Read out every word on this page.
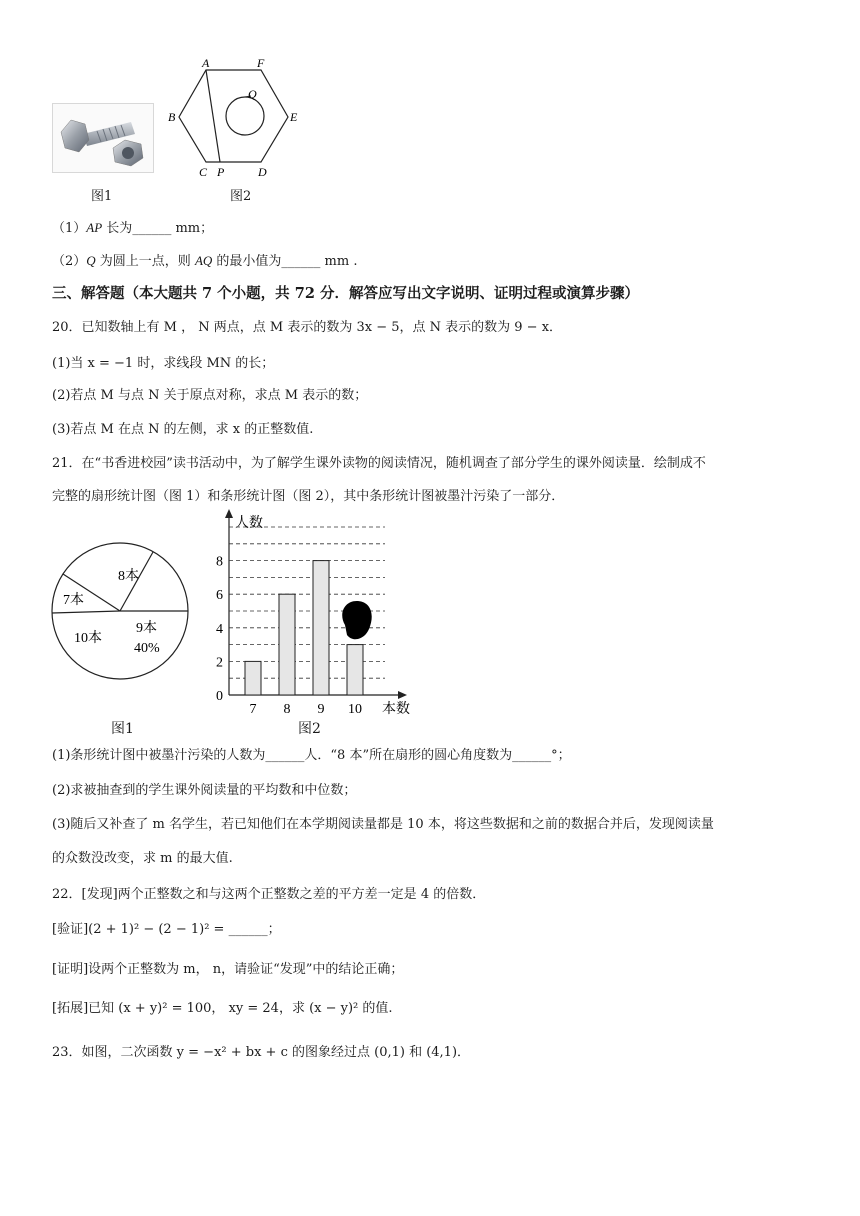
图1
A	F
B	E
C P	D
Q
图2
（1）AP 长为______ mm；
（2）Q 为圆上一点，则 AQ 的最小值为______ mm .
三、解答题（本大题共 7 个小题，共 72 分．解答应写出文字说明、证明过程或演算步骤）
20．已知数轴上有 M ， N 两点，点 M 表示的数为 3x − 5，点 N 表示的数为 9 − x．
(1)当 x = −1 时，求线段 MN 的长；
(2)若点 M 与点 N 关于原点对称，求点 M 表示的数；
(3)若点 M 在点 N 的左侧，求 x 的正整数值.
21．在“书香进校园”读书活动中，为了解学生课外读物的阅读情况，随机调查了部分学生的课外阅读量．绘制成不
完整的扇形统计图（图 1）和条形统计图（图 2），其中条形统计图被墨汁污染了一部分．
8本
7本
10本
9本
40%
图1
人数
本数
0
2
4
6
8
7 8 9 10
图2
(1)条形统计图中被墨汁污染的人数为______人．“8 本”所在扇形的圆心角度数为______°；
(2)求被抽查到的学生课外阅读量的平均数和中位数；
(3)随后又补查了 m 名学生，若已知他们在本学期阅读量都是 10 本，将这些数据和之前的数据合并后，发现阅读量
的众数没改变，求 m 的最大值.
22．[发现]两个正整数之和与这两个正整数之差的平方差一定是 4 的倍数．
[验证](2 + 1)² − (2 − 1)² = ______；
[证明]设两个正整数为 m， n，请验证“发现”中的结论正确；
[拓展]已知 (x + y)² = 100， xy = 24，求 (x − y)² 的值.
23．如图，二次函数 y = −x² + bx + c 的图象经过点 (0,1) 和 (4,1)．
